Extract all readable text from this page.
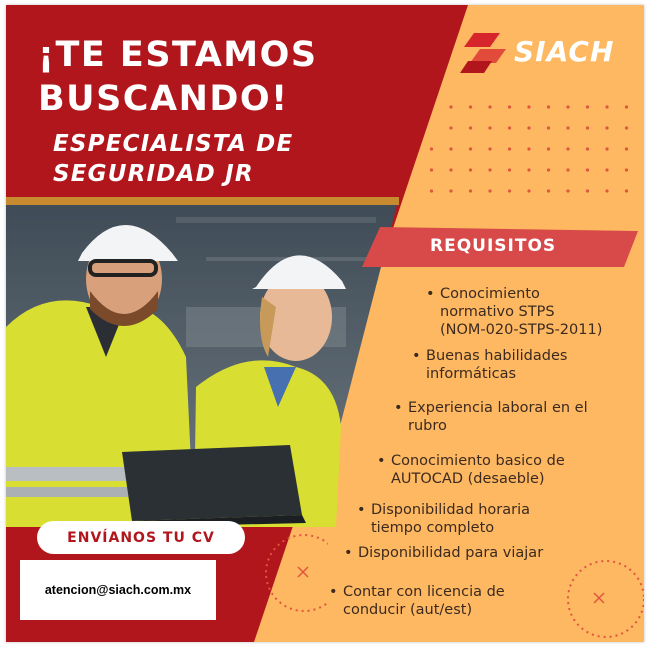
SIACH

¡TE ESTAMOS
BUSCANDO!
ESPECIALISTA DE
SEGURIDAD JR

REQUISITOS

• Conocimiento
normativo STPS
(NOM-020-STPS-2011)
• Buenas habilidades
informáticas
• Experiencia laboral en el
rubro
• Conocimiento basico de
AUTOCAD (desaeble)
• Disponibilidad horaria
tiempo completo
• Disponibilidad para viajar
• Contar con licencia de
conducir (aut/est)
ENVÍANOS TU CV
atencion@siach.com.mx
